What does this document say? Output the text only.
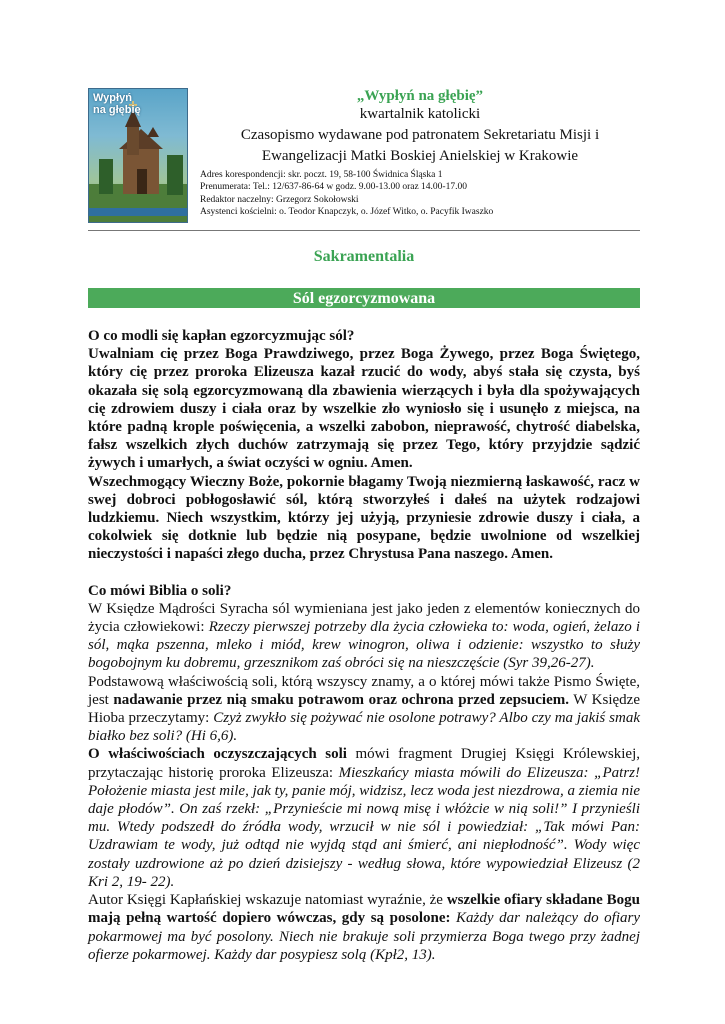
Wypłyń
na głębię
„Wypłyń na głębię”
kwartalnik katolicki
Czasopismo wydawane pod patronatem Sekretariatu Misji i Ewangelizacji Matki Boskiej Anielskiej w Krakowie
Adres korespondencji: skr. poczt. 19, 58-100 Świdnica Śląska 1
Prenumerata: Tel.: 12/637-86-64 w godz. 9.00-13.00 oraz 14.00-17.00
Redaktor naczelny: Grzegorz Sokołowski
Asystenci kościelni: o. Teodor Knapczyk, o. Józef Witko, o. Pacyfik Iwaszko
Sakramentalia
Sól egzorcyzmowana

O co modli się kapłan egzorcyzmując sól?

Uwalniam cię przez Boga Prawdziwego, przez Boga Żywego, przez Boga Świętego, który cię przez proroka Elizeusza kazał rzucić do wody, abyś stała się czysta, byś okazała się solą egzorcyzmowaną dla zbawienia wierzących i była dla spożywających cię zdrowiem duszy i ciała oraz by wszelkie zło wyniosło się i usunęło z miejsca, na które padną krople poświęcenia, a wszelki zabobon, nieprawość, chytrość diabelska, fałsz wszelkich złych duchów zatrzymają się przez Tego, który przyjdzie sądzić żywych i umarłych, a świat oczyści w ogniu. Amen.

Wszechmogący Wieczny Boże, pokornie błagamy Twoją niezmierną łaskawość, racz w swej dobroci pobłogosławić sól, którą stworzyłeś i dałeś na użytek rodzajowi ludzkiemu. Niech wszystkim, którzy jej użyją, przyniesie zdrowie duszy i ciała, a cokolwiek się dotknie lub będzie nią posypane, będzie uwolnione od wszelkiej nieczystości i napaści złego ducha, przez Chrystusa Pana naszego. Amen.

Co mówi Biblia o soli?

W Księdze Mądrości Syracha sól wymieniana jest jako jeden z elementów koniecznych do życia człowiekowi: Rzeczy pierwszej potrzeby dla życia człowieka to: woda, ogień, żelazo i sól, mąka pszenna, mleko i miód, krew winogron, oliwa i odzienie: wszystko to służy bogobojnym ku dobremu, grzesznikom zaś obróci się na nieszczęście (Syr 39,26-27).

Podstawową właściwością soli, którą wszyscy znamy, a o której mówi także Pismo Święte, jest nadawanie przez nią smaku potrawom oraz ochrona przed zepsuciem. W Księdze Hioba przeczytamy: Czyż zwykło się pożywać nie osolone potrawy? Albo czy ma jakiś smak białko bez soli? (Hi 6,6).

O właściwościach oczyszczających soli mówi fragment Drugiej Księgi Królewskiej, przytaczając historię proroka Elizeusza: Mieszkańcy miasta mówili do Elizeusza: „Patrz! Położenie miasta jest mile, jak ty, panie mój, widzisz, lecz woda jest niezdrowa, a ziemia nie daje płodów”. On zaś rzekł: „Przynieście mi nową misę i włóżcie w nią soli!” I przynieśli mu. Wtedy podszedł do źródła wody, wrzucił w nie sól i powiedział: „Tak mówi Pan: Uzdrawiam te wody, już odtąd nie wyjdą stąd ani śmierć, ani niepłodność”. Wody więc zostały uzdrowione aż po dzień dzisiejszy - według słowa, które wypowiedział Elizeusz (2 Kri 2, 19- 22).

Autor Księgi Kapłańskiej wskazuje natomiast wyraźnie, że wszelkie ofiary składane Bogu mają pełną wartość dopiero wówczas, gdy są posolone: Każdy dar należący do ofiary pokarmowej ma być posolony. Niech nie brakuje soli przymierza Boga twego przy żadnej ofierze pokarmowej. Każdy dar posypiesz solą (Kpł2, 13).
